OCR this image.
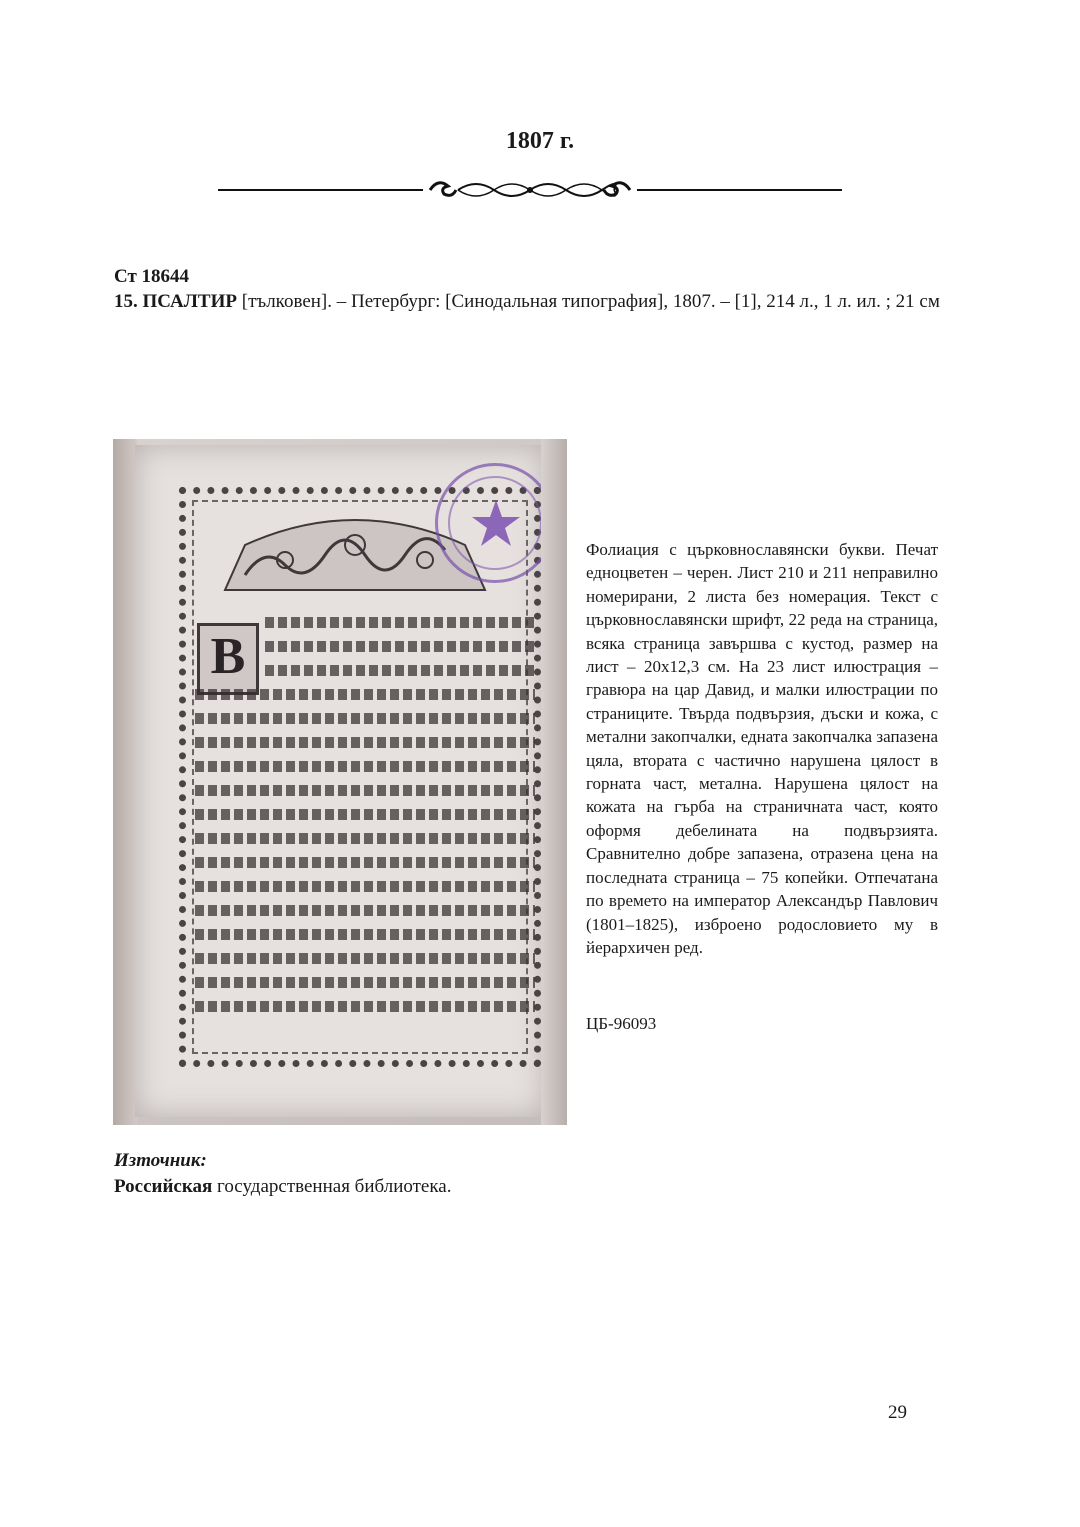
1807 г.
Ст 18644
15. ПСАЛТИР [тълковен]. – Петербург: [Синодальная типография], 1807. – [1], 214 л., 1 л. ил. ; 21 см
В
Фолиация с църковнославянски букви. Печат едноцветен – черен. Лист 210 и 211 неправилно номерирани, 2 листа без номерация. Текст с църковнославянски шрифт, 22 реда на страница, всяка страница завършва с кустод, размер на лист – 20х12,3 см. На 23 лист илюстрация – гравюра на цар Давид, и малки илюстрации по страниците. Твърда подвързия, дъски и кожа, с метални закопчалки, едната закопчалка запазена цяла, втората с частично нарушена цялост в горната част, метална. Нарушена цялост на кожата на гърба на страничната част, която оформя дебелината на подвързията. Сравнително добре запазена, отразена цена на последната страница – 75 копейки. Отпечатана по времето на император Александър Павлович (1801–1825), изброено родословието му в йерархичен ред.
ЦБ-96093
Източник:
Российская государственная библиотека.
29
